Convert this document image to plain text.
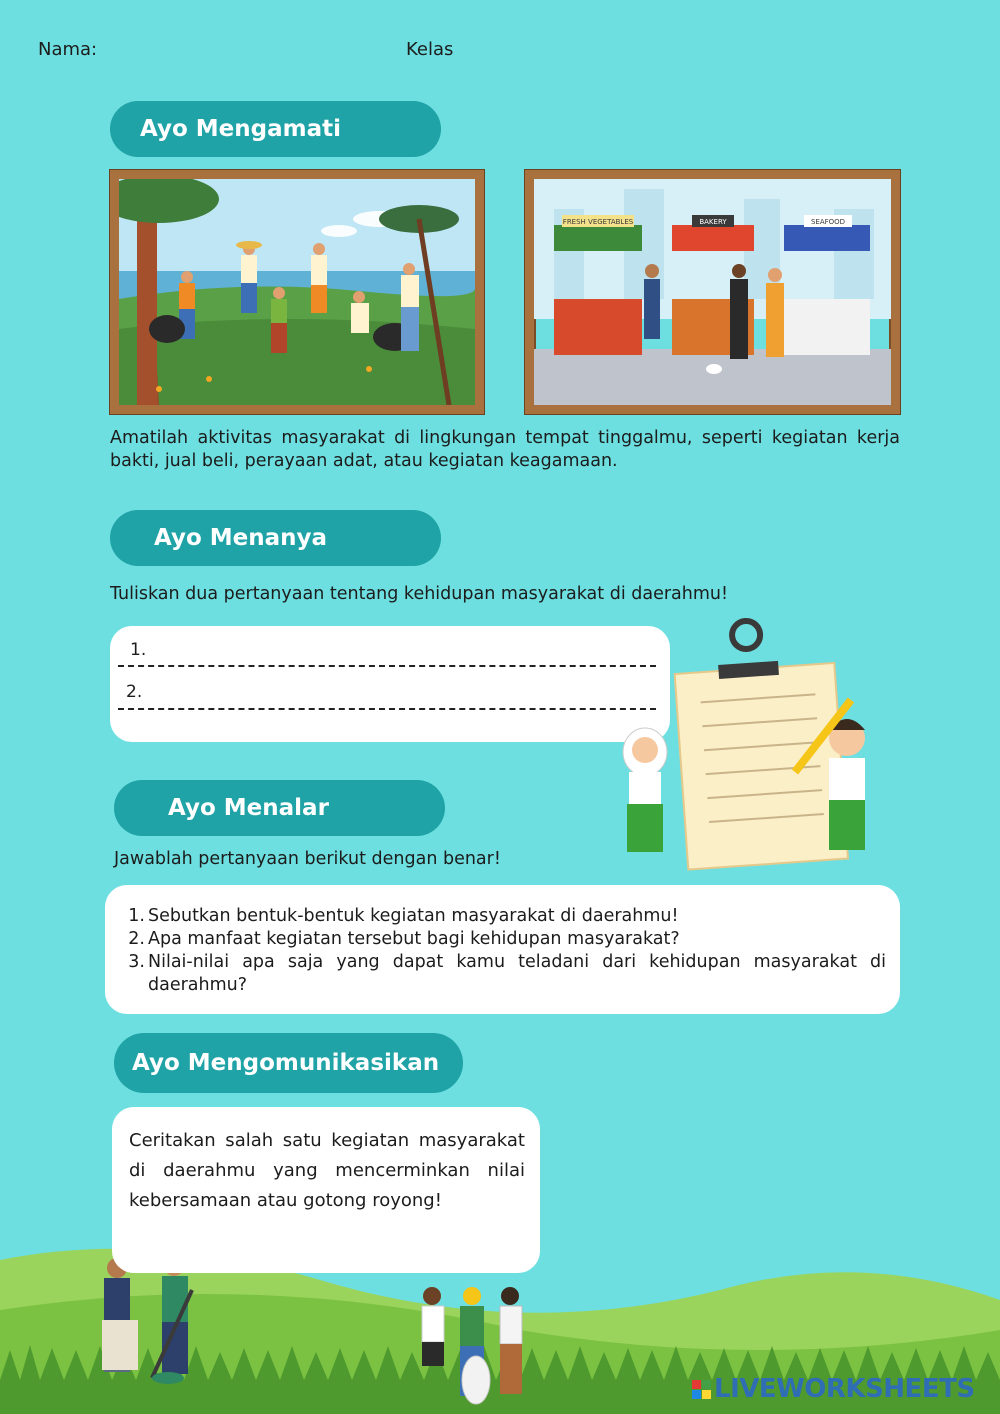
Nama:	Kelas
Ayo Mengamati
FRESH VEGETABLES	BAKERY	SEAFOOD
Amatilah aktivitas masyarakat di lingkungan tempat tinggalmu, seperti kegiatan kerja bakti, jual beli, perayaan adat, atau kegiatan keagamaan.
Ayo Menanya
Tuliskan dua pertanyaan tentang kehidupan masyarakat di daerahmu!
1.
2.
Ayo Menalar
Jawablah pertanyaan berikut dengan benar!
1. Sebutkan bentuk-bentuk kegiatan masyarakat di daerahmu!
2. Apa manfaat kegiatan tersebut bagi kehidupan masyarakat?
3. Nilai-nilai apa saja yang dapat kamu teladani dari kehidupan masyarakat di daerahmu?
Ayo Mengomunikasikan
Ceritakan salah satu kegiatan masyarakat di daerahmu yang mencerminkan nilai kebersamaan atau gotong royong!
LIVEWORKSHEETS
